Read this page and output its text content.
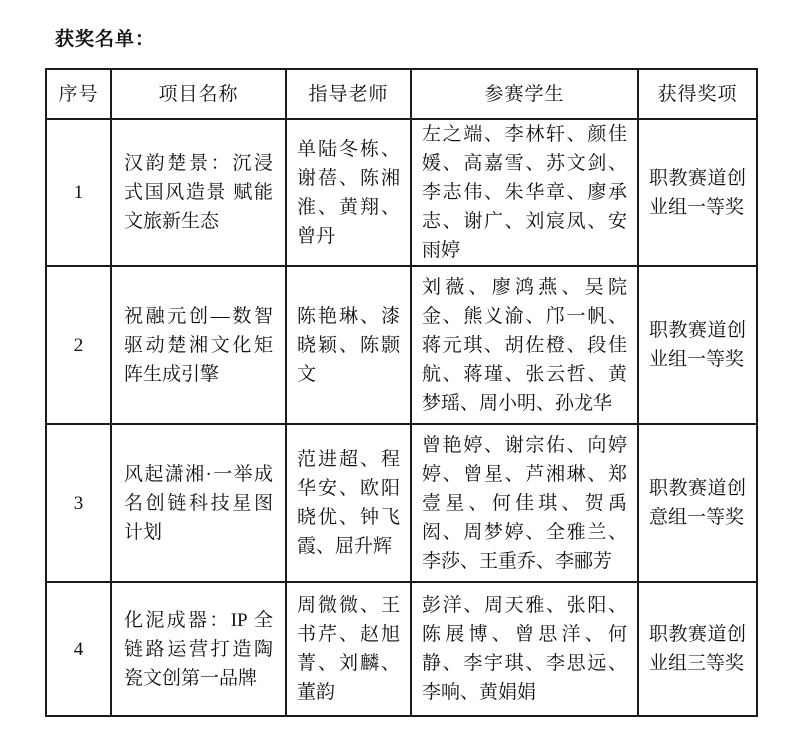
获奖名单：
序号	项目名称	指导老师	参赛学生	获得奖项
1	汉韵楚景：沉浸式国风造景 赋能文旅新生态	单陆冬栋、谢蓓、陈湘淮、黄翔、曾丹	左之端、李林轩、颜佳媛、高嘉雪、苏文剑、李志伟、朱华章、廖承志、谢广、刘宸凤、安雨婷	职教赛道创业组一等奖
2	祝融元创—数智驱动楚湘文化矩阵生成引擎	陈艳琳、漆晓颖、陈颢文	刘薇、廖鸿燕、吴院金、熊义渝、邝一帆、蒋元琪、胡佐橙、段佳航、蒋瑾、张云哲、黄梦瑶、周小明、孙龙华	职教赛道创业组一等奖
3	风起潇湘·一举成名创链科技星图计划	范进超、程华安、欧阳晓优、钟飞霞、屈升辉	曾艳婷、谢宗佑、向婷婷、曾星、芦湘琳、郑壹星、何佳琪、贺禹闳、周梦婷、全雅兰、李莎、王重乔、李郦芳	职教赛道创意组一等奖
4	化泥成器：IP 全链路运营打造陶瓷文创第一品牌	周微微、王书芹、赵旭菁、刘麟、董韵	彭洋、周天雅、张阳、陈展博、曾思洋、何静、李宇琪、李思远、李响、黄娟娟	职教赛道创业组三等奖
